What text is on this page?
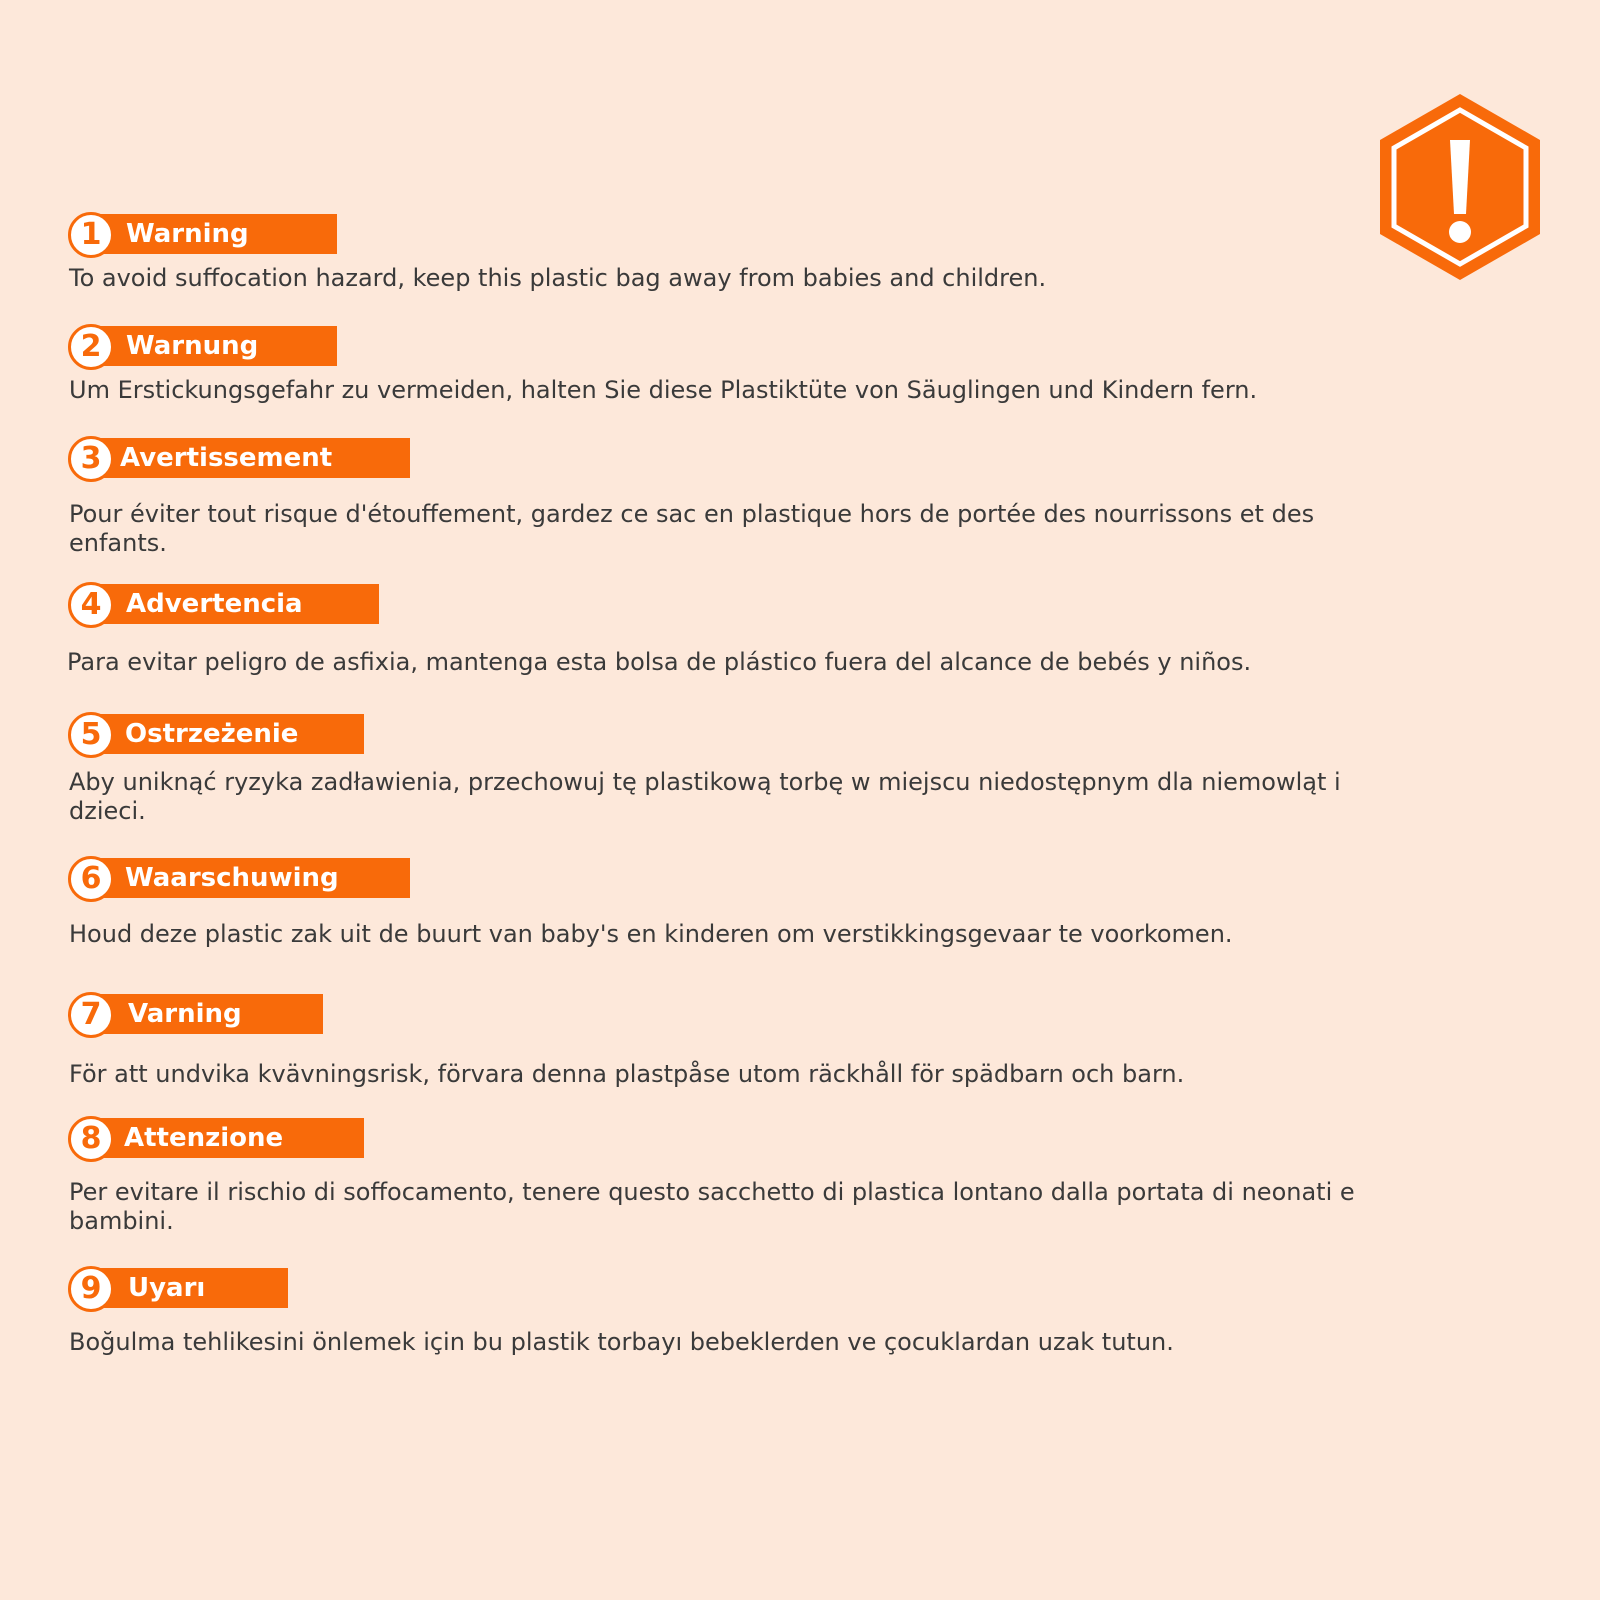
Warning
1
To avoid suffocation hazard, keep this plastic bag away from babies and children.
Warnung
2
Um Erstickungsgefahr zu vermeiden, halten Sie diese Plastiktüte von Säuglingen und Kindern fern.
Avertissement
3
Pour éviter tout risque d'étouffement, gardez ce sac en plastique hors de portée des nourrissons et des enfants.
Advertencia
4
Para evitar peligro de asfixia, mantenga esta bolsa de plástico fuera del alcance de bebés y niños.
Ostrzeżenie
5
Aby uniknąć ryzyka zadławienia, przechowuj tę plastikową torbę w miejscu niedostępnym dla niemowląt i dzieci.
Waarschuwing
6
Houd deze plastic zak uit de buurt van baby's en kinderen om verstikkingsgevaar te voorkomen.
Varning
7
För att undvika kvävningsrisk, förvara denna plastpåse utom räckhåll för spädbarn och barn.
Attenzione
8
Per evitare il rischio di soffocamento, tenere questo sacchetto di plastica lontano dalla portata di neonati e bambini.
Uyarı
9
Boğulma tehlikesini önlemek için bu plastik torbayı bebeklerden ve çocuklardan uzak tutun.
